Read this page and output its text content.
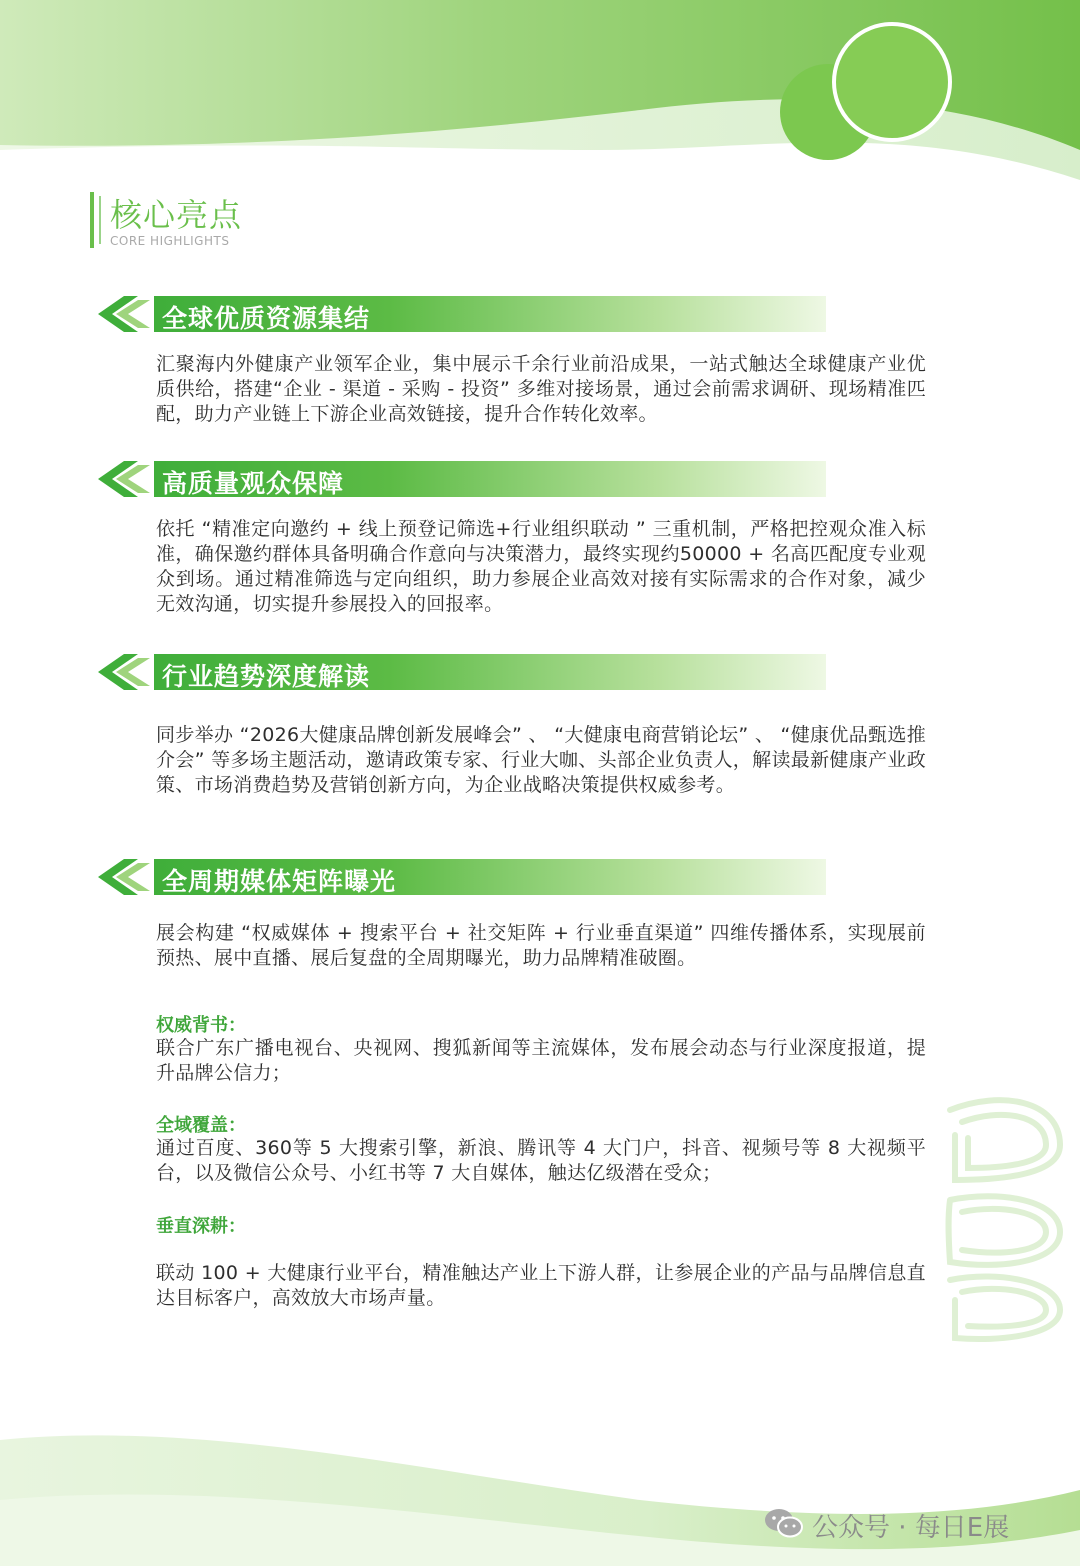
核心亮点
CORE HIGHLIGHTS
全球优质资源集结
汇聚海内外健康产业领军企业，集中展示千余行业前沿成果，一站式触达全球健康产业优质供给，搭建“企业 - 渠道 - 采购 - 投资” 多维对接场景，通过会前需求调研、现场精准匹配，助力产业链上下游企业高效链接，提升合作转化效率。
高质量观众保障
依托 “精准定向邀约 + 线上预登记筛选+行业组织联动 ” 三重机制，严格把控观众准入标准，确保邀约群体具备明确合作意向与决策潜力，最终实现约50000 + 名高匹配度专业观众到场。通过精准筛选与定向组织，助力参展企业高效对接有实际需求的合作对象，减少无效沟通，切实提升参展投入的回报率。
行业趋势深度解读
同步举办 “2026大健康品牌创新发展峰会” 、 “大健康电商营销论坛” 、 “健康优品甄选推介会” 等多场主题活动，邀请政策专家、行业大咖、头部企业负责人，解读最新健康产业政策、市场消费趋势及营销创新方向，为企业战略决策提供权威参考。
全周期媒体矩阵曝光
展会构建 “权威媒体 + 搜索平台 + 社交矩阵 + 行业垂直渠道” 四维传播体系，实现展前预热、展中直播、展后复盘的全周期曝光，助力品牌精准破圈。
权威背书：
联合广东广播电视台、央视网、搜狐新闻等主流媒体，发布展会动态与行业深度报道，提升品牌公信力；
全域覆盖：
通过百度、360等 5 大搜索引擎，新浪、腾讯等 4 大门户，抖音、视频号等 8 大视频平台，以及微信公众号、小红书等 7 大自媒体，触达亿级潜在受众；
垂直深耕：
联动 100 + 大健康行业平台，精准触达产业上下游人群，让参展企业的产品与品牌信息直达目标客户，高效放大市场声量。
公众号 · 每日E展
